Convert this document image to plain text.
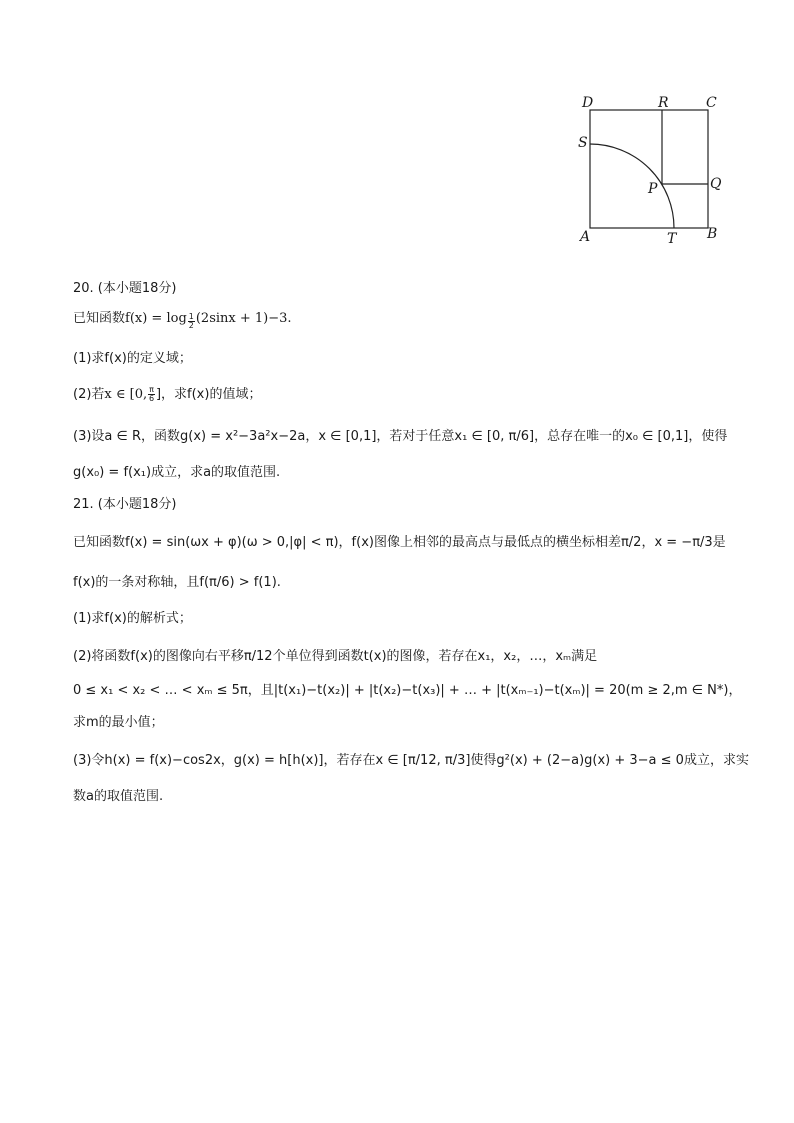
D	R	C
S
P	Q
A	T B
20. (本小题18分)
已知函数$f(x) = \log \frac{1}{2} (2\sin x + 1)-3$.
(1)求f(x)的定义域；
(2)若x ∈ [0, $\frac{\pi}{6}$ ]，求f(x)的值域；
(3)设a ∈ R，函数g(x) = x²−3a²x−2a，x ∈ [0,1]，若对于任意x₁ ∈ [0, π/6]，总存在唯一的x₀ ∈ [0,1]，使得
g(x₀) = f(x₁)成立，求a的取值范围.
21. (本小题18分)
已知函数f(x) = sin(ωx + φ)(ω > 0,|φ| < π)，f(x)图像上相邻的最高点与最低点的横坐标相差π/2，x = −π/3是
f(x)的一条对称轴，且f(π/6) > f(1).
(1)求f(x)的解析式；
(2)将函数f(x)的图像向右平移π/12个单位得到函数t(x)的图像，若存在x₁，x₂，…，xₘ满足
0 ≤ x₁ < x₂ < … < xₘ ≤ 5π，且|t(x₁)−t(x₂)| + |t(x₂)−t(x₃)| + … + |t(xₘ₋₁)−t(xₘ)| = 20(m ≥ 2,m ∈ N*)，
求m的最小值；
(3)令h(x) = f(x)−cos2x，g(x) = h[h(x)]，若存在x ∈ [π/12, π/3]使得g²(x) + (2−a)g(x) + 3−a ≤ 0成立，求实
数a的取值范围.
